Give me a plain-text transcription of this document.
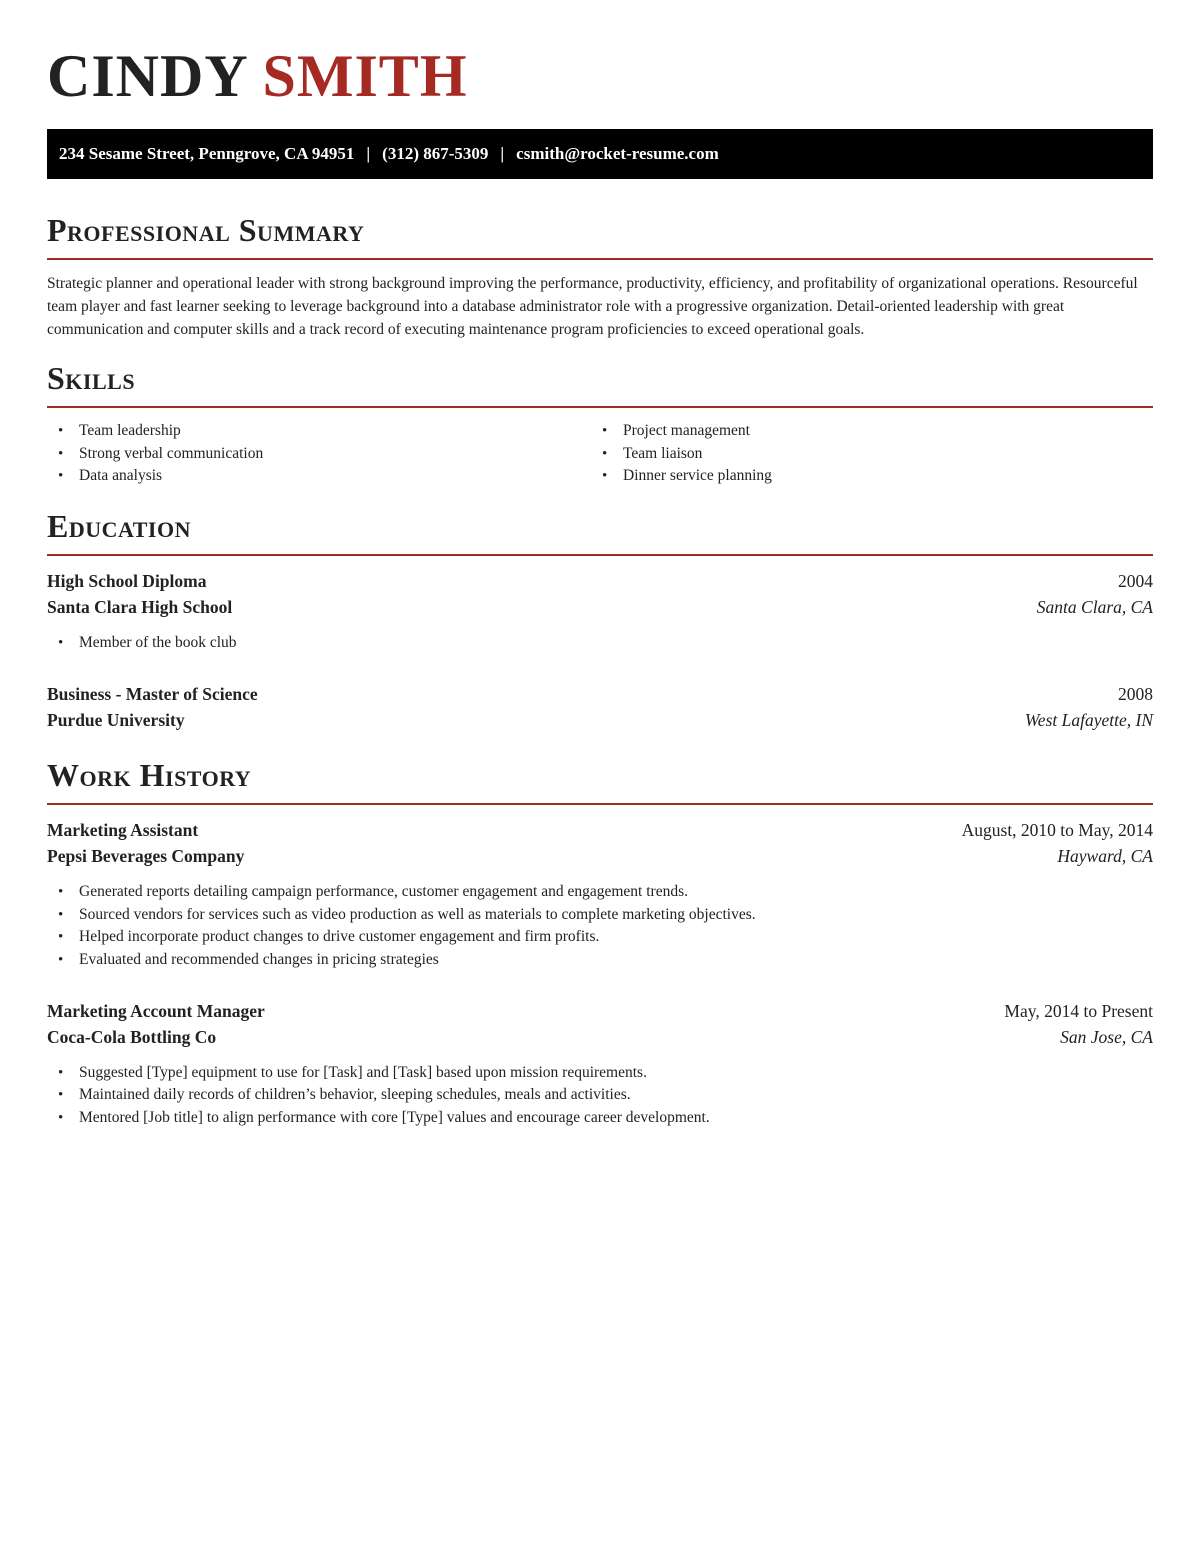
CINDY SMITH
234 Sesame Street, Penngrove, CA 94951 | (312) 867-5309 | csmith@rocket-resume.com
Professional Summary

Strategic planner and operational leader with strong background improving the performance, productivity, efficiency, and profitability of organizational operations. Resourceful team player and fast learner seeking to leverage background into a database administrator role with a progressive organization. Detail-oriented leadership with great communication and computer skills and a track record of executing maintenance program proficiencies to exceed operational goals.

Skills
• Team leadership
• Strong verbal communication
• Data analysis
• Project management
• Team liaison
• Dinner service planning
Education
High School Diploma	2004
Santa Clara High School	Santa Clara, CA
• Member of the book club
Business - Master of Science	2008
Purdue University	West Lafayette, IN
Work History
Marketing Assistant	August, 2010 to May, 2014
Pepsi Beverages Company	Hayward, CA
• Generated reports detailing campaign performance, customer engagement and engagement trends.
• Sourced vendors for services such as video production as well as materials to complete marketing objectives.
• Helped incorporate product changes to drive customer engagement and firm profits.
• Evaluated and recommended changes in pricing strategies
Marketing Account Manager	May, 2014 to Present
Coca-Cola Bottling Co	San Jose, CA
• Suggested [Type] equipment to use for [Task] and [Task] based upon mission requirements.
• Maintained daily records of children’s behavior, sleeping schedules, meals and activities.
• Mentored [Job title] to align performance with core [Type] values and encourage career development.
